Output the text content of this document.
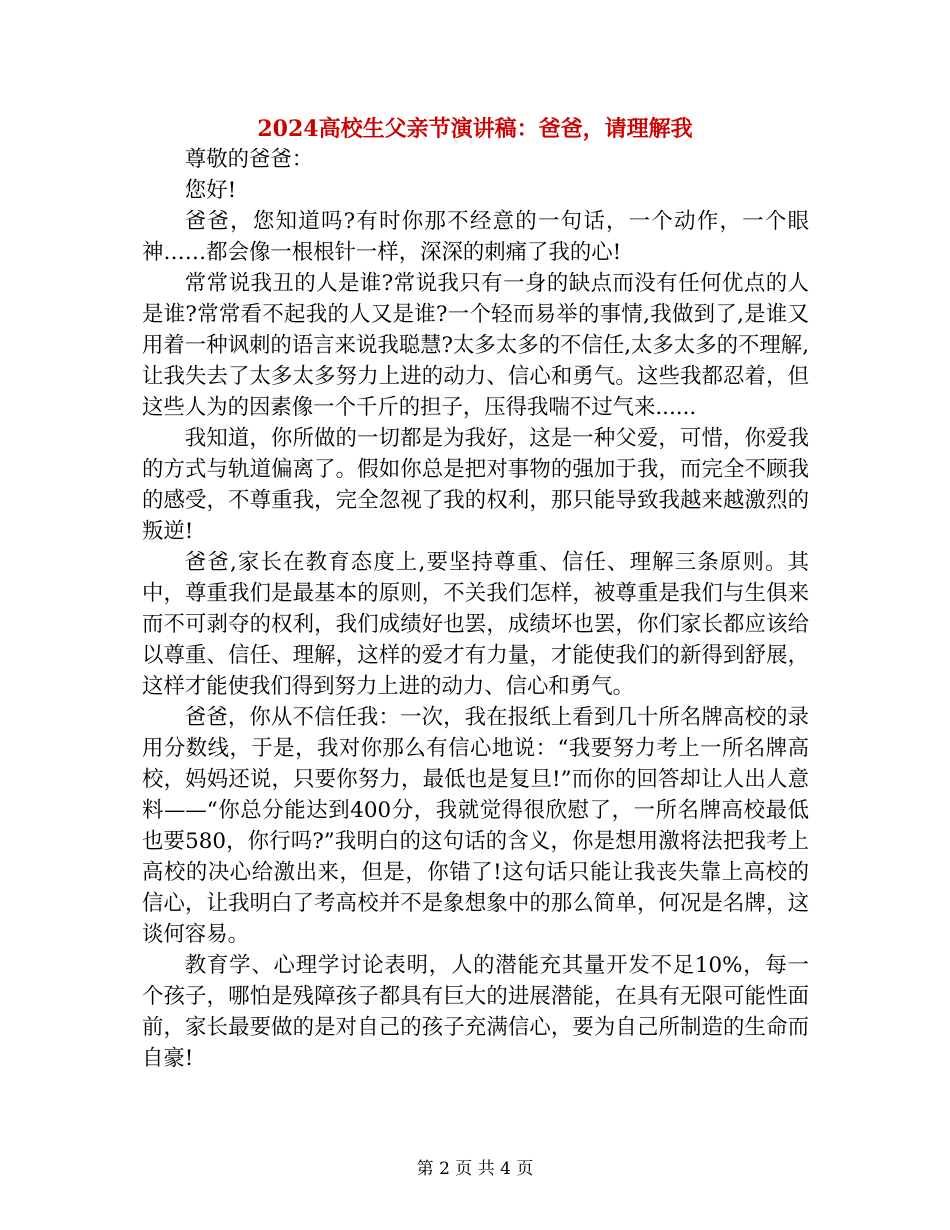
2024高校生父亲节演讲稿：爸爸，请理解我

尊敬的爸爸：

您好!

爸爸，您知道吗?有时你那不经意的一句话，一个动作，一个眼神……都会像一根根针一样，深深的刺痛了我的心!

常常说我丑的人是谁?常说我只有一身的缺点而没有任何优点的人是谁?常常看不起我的人又是谁?一个轻而易举的事情,我做到了,是谁又用着一种讽刺的语言来说我聪慧?太多太多的不信任,太多太多的不理解,让我失去了太多太多努力上进的动力、信心和勇气。这些我都忍着，但这些人为的因素像一个千斤的担子，压得我喘不过气来......

我知道，你所做的一切都是为我好，这是一种父爱，可惜，你爱我的方式与轨道偏离了。假如你总是把对事物的强加于我，而完全不顾我的感受，不尊重我，完全忽视了我的权利，那只能导致我越来越激烈的叛逆!

爸爸,家长在教育态度上,要坚持尊重、信任、理解三条原则。其中，尊重我们是最基本的原则，不关我们怎样，被尊重是我们与生俱来而不可剥夺的权利，我们成绩好也罢，成绩坏也罢，你们家长都应该给以尊重、信任、理解，这样的爱才有力量，才能使我们的新得到舒展，这样才能使我们得到努力上进的动力、信心和勇气。

爸爸，你从不信任我：一次，我在报纸上看到几十所名牌高校的录用分数线，于是，我对你那么有信心地说：“我要努力考上一所名牌高校，妈妈还说，只要你努力，最低也是复旦!”而你的回答却让人出人意料——“你总分能达到400分，我就觉得很欣慰了，一所名牌高校最低也要580，你行吗?”我明白的这句话的含义，你是想用激将法把我考上高校的决心给激出来，但是，你错了!这句话只能让我丧失靠上高校的信心，让我明白了考高校并不是象想象中的那么简单，何况是名牌，这谈何容易。

教育学、心理学讨论表明，人的潜能充其量开发不足10%，每一个孩子，哪怕是残障孩子都具有巨大的进展潜能，在具有无限可能性面前，家长最要做的是对自己的孩子充满信心，要为自己所制造的生命而自豪!

第 2 页 共 4 页
